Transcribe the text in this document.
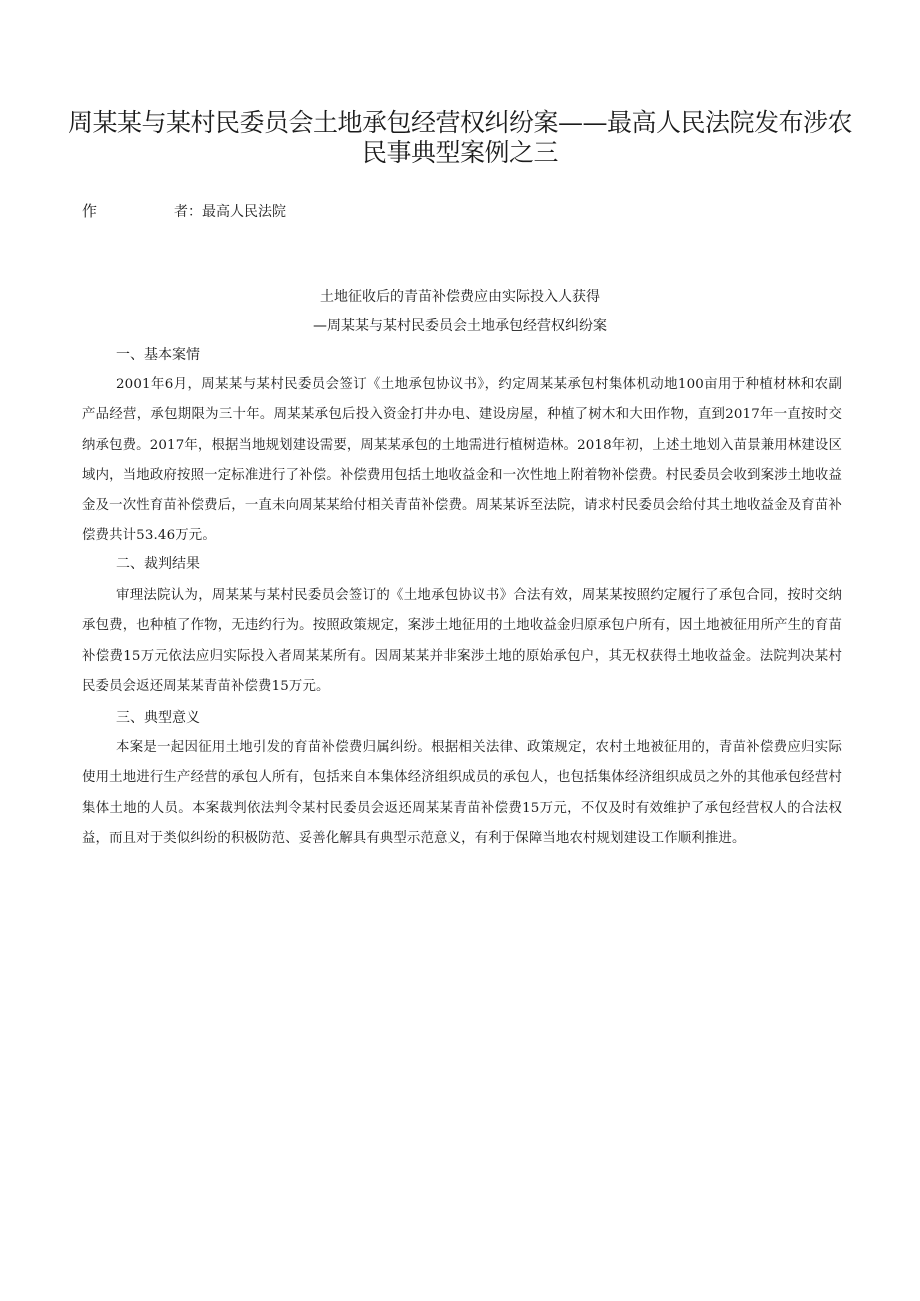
周某某与某村民委员会土地承包经营权纠纷案——最高人民法院发布涉农民事典型案例之三
作	者：最高人民法院
土地征收后的青苗补偿费应由实际投入人获得
—周某某与某村民委员会土地承包经营权纠纷案
一、基本案情

2001年6月，周某某与某村民委员会签订《土地承包协议书》，约定周某某承包村集体机动地100亩用于种植材林和农副产品经营，承包期限为三十年。周某某承包后投入资金打井办电、建设房屋，种植了树木和大田作物，直到2017年一直按时交纳承包费。2017年，根据当地规划建设需要，周某某承包的土地需进行植树造林。2018年初，上述土地划入苗景兼用林建设区域内，当地政府按照一定标准进行了补偿。补偿费用包括土地收益金和一次性地上附着物补偿费。村民委员会收到案涉土地收益金及一次性育苗补偿费后，一直未向周某某给付相关青苗补偿费。周某某诉至法院，请求村民委员会给付其土地收益金及育苗补偿费共计53.46万元。

二、裁判结果

审理法院认为，周某某与某村民委员会签订的《土地承包协议书》合法有效，周某某按照约定履行了承包合同，按时交纳承包费，也种植了作物，无违约行为。按照政策规定，案涉土地征用的土地收益金归原承包户所有，因土地被征用所产生的育苗补偿费15万元依法应归实际投入者周某某所有。因周某某并非案涉土地的原始承包户，其无权获得土地收益金。法院判决某村民委员会返还周某某青苗补偿费15万元。

三、典型意义

本案是一起因征用土地引发的育苗补偿费归属纠纷。根据相关法律、政策规定，农村土地被征用的，青苗补偿费应归实际使用土地进行生产经营的承包人所有，包括来自本集体经济组织成员的承包人，也包括集体经济组织成员之外的其他承包经营村集体土地的人员。本案裁判依法判令某村民委员会返还周某某青苗补偿费15万元，不仅及时有效维护了承包经营权人的合法权益，而且对于类似纠纷的积极防范、妥善化解具有典型示范意义，有利于保障当地农村规划建设工作顺利推进。
